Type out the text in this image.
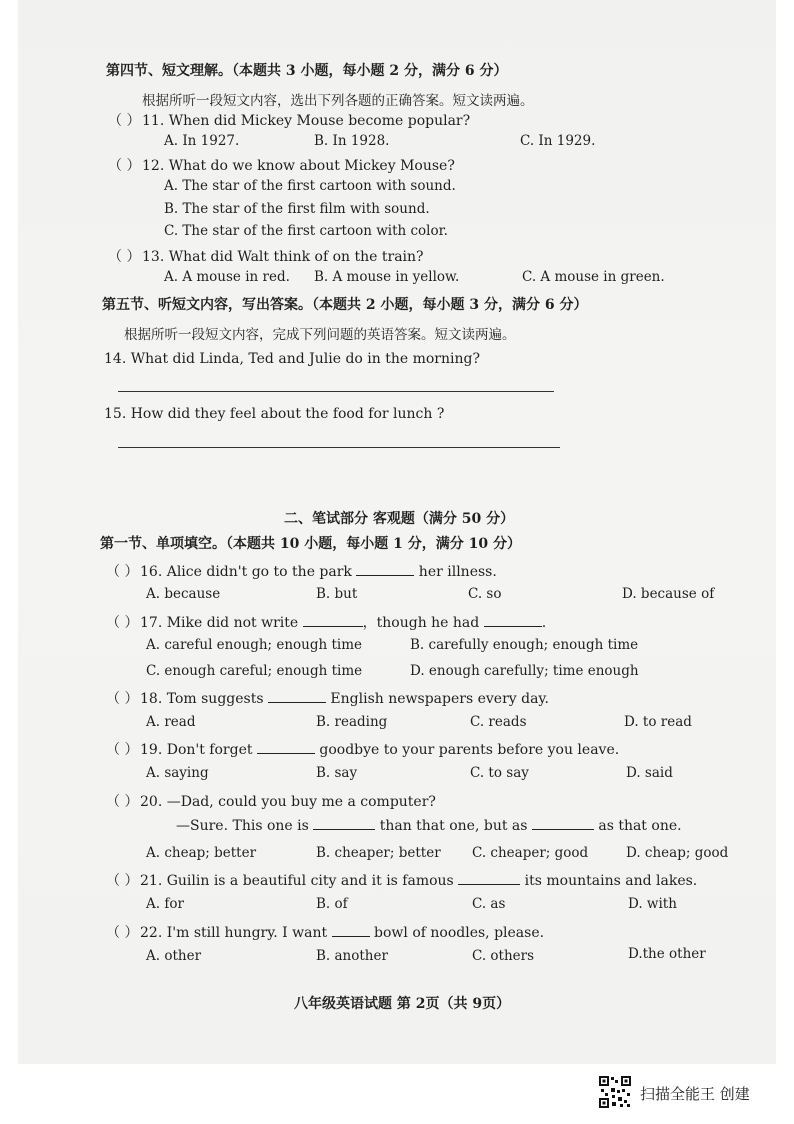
第四节、短文理解。（本题共 3 小题，每小题 2 分，满分 6 分）
根据所听一段短文内容，选出下列各题的正确答案。短文读两遍。
（ ） 11. When did Mickey Mouse become popular?
A. In 1927.	B. In 1928.	C. In 1929.
（ ） 12. What do we know about Mickey Mouse?
A. The star of the first cartoon with sound.
B. The star of the first film with sound.
C. The star of the first cartoon with color.
（ ） 13. What did Walt think of on the train?
A. A mouse in red. B. A mouse in yellow.	C. A mouse in green.
第五节、听短文内容，写出答案。（本题共 2 小题，每小题 3 分，满分 6 分）
根据所听一段短文内容，完成下列问题的英语答案。短文读两遍。
14. What did Linda, Ted and Julie do in the morning?
15. How did they feel about the food for lunch ?
二、笔试部分 客观题（满分 50 分）
第一节、单项填空。（本题共 10 小题，每小题 1 分，满分 10 分）
（ ） 16. Alice didn't go to the park	her illness.
A. because	B. but	C. so	D. because of
（ ） 17. Mike did not write	，though he had	.
A. careful enough; enough time	B. carefully enough; enough time
C. enough careful; enough time	D. enough carefully; time enough
（ ） 18. Tom suggests	English newspapers every day.
A. read	B. reading	C. reads	D. to read
（ ） 19. Don't forget	goodbye to your parents before you leave.
A. saying	B. say	C. to say	D. said
（ ） 20. —Dad, could you buy me a computer?
—Sure. This one is	than that one, but as	as that one.
A. cheap; better	B. cheaper; better C. cheaper; good	D. cheap; good
（ ） 21. Guilin is a beautiful city and it is famous	its mountains and lakes.
A. for	B. of	C. as	D. with
（ ） 22. I'm still hungry. I want	bowl of noodles, please.
A. other	B. another	C. others	D.the other
八年级英语试题 第 2页（共 9页）
扫描全能王 创建
